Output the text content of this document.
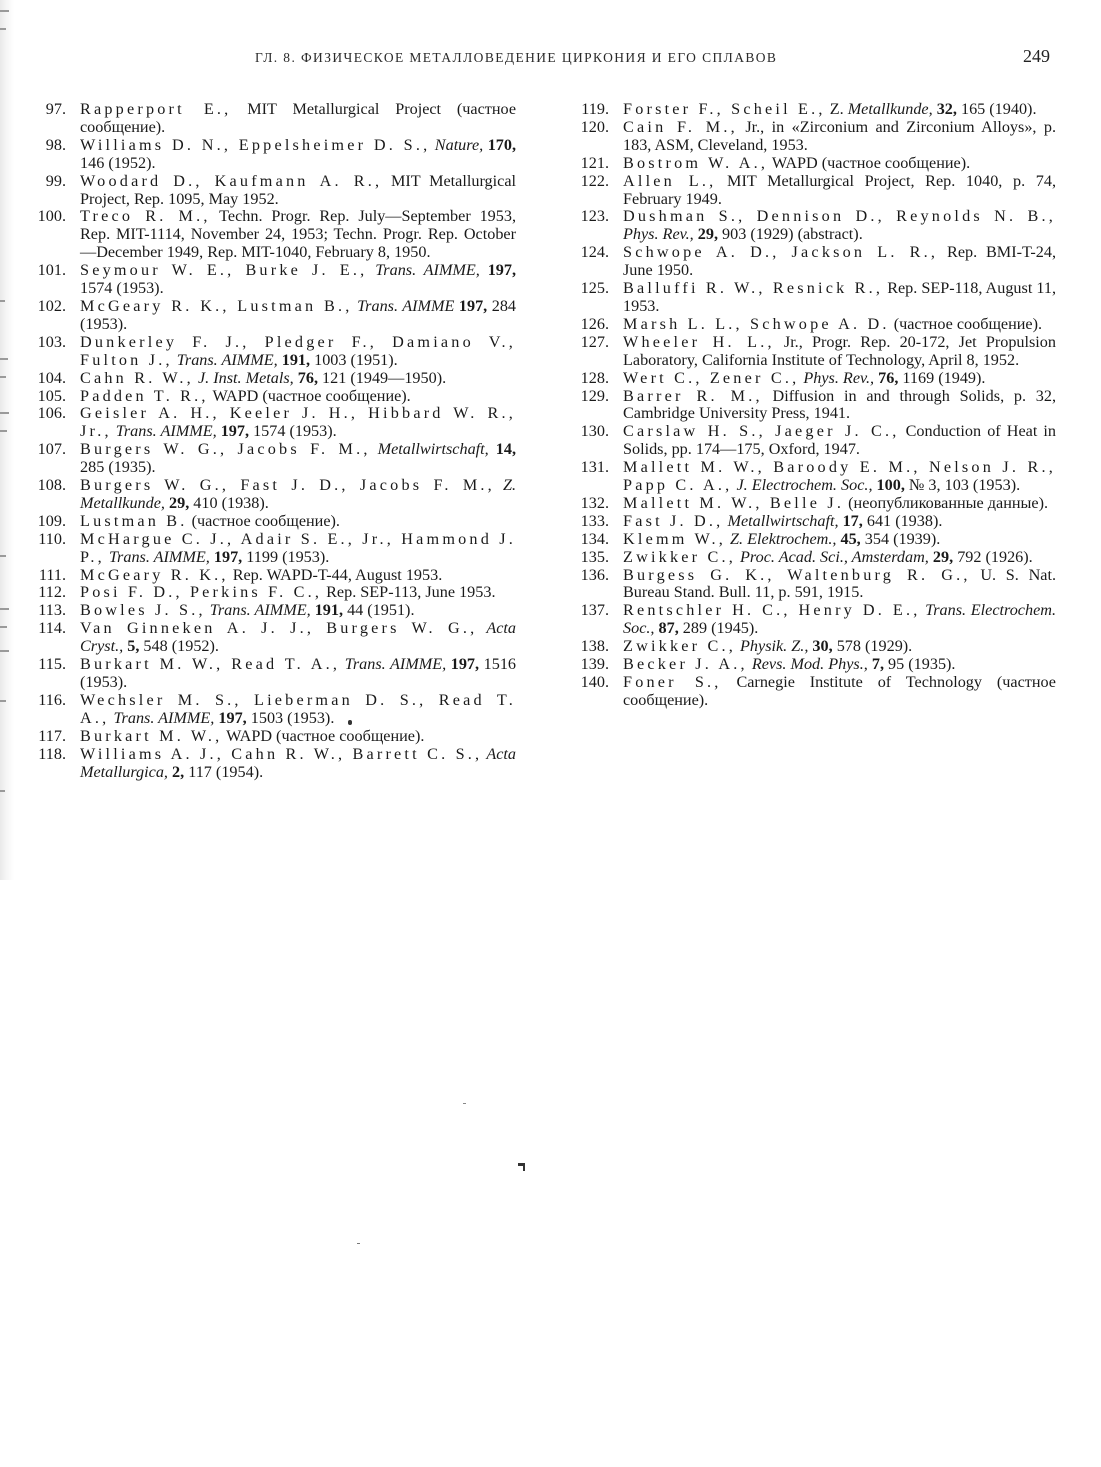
ГЛ. 8. ФИЗИЧЕСКОЕ МЕТАЛЛОВЕДЕНИЕ ЦИРКОНИЯ И ЕГО СПЛАВОВ	249
97. Rapperport E., MIT Metallurgical Project (частное сообщение).
98. Williams D. N., Eppelsheimer D. S., Nature, 170, 146 (1952).
99. Woodard D., Kaufmann A. R., MIT Metallurgical Project, Rep. 1095, May 1952.
100. Treco R. M., Techn. Progr. Rep. July—September 1953, Rep. MIT-1114, November 24, 1953; Techn. Progr. Rep. October—December 1949, Rep. MIT-1040, February 8, 1950.
101. Seymour W. E., Burke J. E., Trans. AIMME, 197, 1574 (1953).
102. McGeary R. K., Lustman B., Trans. AIMME 197, 284 (1953).
103. Dunkerley F. J., Pledger F., Damiano V., Fulton J., Trans. AIMME, 191, 1003 (1951).
104. Cahn R. W., J. Inst. Metals, 76, 121 (1949—1950).
105. Padden T. R., WAPD (частное сообщение).
106. Geisler A. H., Keeler J. H., Hibbard W. R., Jr., Trans. AIMME, 197, 1574 (1953).
107. Burgers W. G., Jacobs F. M., Metallwirtschaft, 14, 285 (1935).
108. Burgers W. G., Fast J. D., Jacobs F. M., Z. Metallkunde, 29, 410 (1938).
109. Lustman B. (частное сообщение).
110. McHargue C. J., Adair S. E., Jr., Hammond J. P., Trans. AIMME, 197, 1199 (1953).
111. McGeary R. K., Rep. WAPD-T-44, August 1953.
112. Posi F. D., Perkins F. C., Rep. SEP-113, June 1953.
113. Bowles J. S., Trans. AIMME, 191, 44 (1951).
114. Van Ginneken A. J. J., Burgers W. G., Acta Cryst., 5, 548 (1952).
115. Burkart M. W., Read T. A., Trans. AIMME, 197, 1516 (1953).
116. Wechsler M. S., Lieberman D. S., Read T. A., Trans. AIMME, 197, 1503 (1953).
117. Burkart M. W., WAPD (частное сообщение).
118. Williams A. J., Cahn R. W., Barrett C. S., Acta Metallurgica, 2, 117 (1954).
119. Forster F., Scheil E., Z. Metallkunde, 32, 165 (1940).
120. Cain F. M., Jr., in «Zirconium and Zirconium Alloys», p. 183, ASM, Cleveland, 1953.
121. Bostrom W. A., WAPD (частное сообщение).
122. Allen L., MIT Metallurgical Project, Rep. 1040, p. 74, February 1949.
123. Dushman S., Dennison D., Reynolds N. B., Phys. Rev., 29, 903 (1929) (abstract).
124. Schwope A. D., Jackson L. R., Rep. BMI-T-24, June 1950.
125. Balluffi R. W., Resnick R., Rep. SEP-118, August 11, 1953.
126. Marsh L. L., Schwope A. D. (частное сообщение).
127. Wheeler H. L., Jr., Progr. Rep. 20-172, Jet Propulsion Laboratory, California Institute of Technology, April 8, 1952.
128. Wert C., Zener C., Phys. Rev., 76, 1169 (1949).
129. Barrer R. M., Diffusion in and through Solids, p. 32, Cambridge University Press, 1941.
130. Carslaw H. S., Jaeger J. C., Conduction of Heat in Solids, pp. 174—175, Oxford, 1947.
131. Mallett M. W., Baroody E. M., Nelson J. R., Papp C. A., J. Electrochem. Soc., 100, № 3, 103 (1953).
132. Mallett M. W., Belle J. (неопубликованные данные).
133. Fast J. D., Metallwirtschaft, 17, 641 (1938).
134. Klemm W., Z. Elektrochem., 45, 354 (1939).
135. Zwikker C., Proc. Acad. Sci., Amsterdam, 29, 792 (1926).
136. Burgess G. K., Waltenburg R. G., U. S. Nat. Bureau Stand. Bull. 11, p. 591, 1915.
137. Rentschler H. C., Henry D. E., Trans. Electrochem. Soc., 87, 289 (1945).
138. Zwikker C., Physik. Z., 30, 578 (1929).
139. Becker J. A., Revs. Mod. Phys., 7, 95 (1935).
140. Foner S., Carnegie Institute of Technology (частное сообщение).
